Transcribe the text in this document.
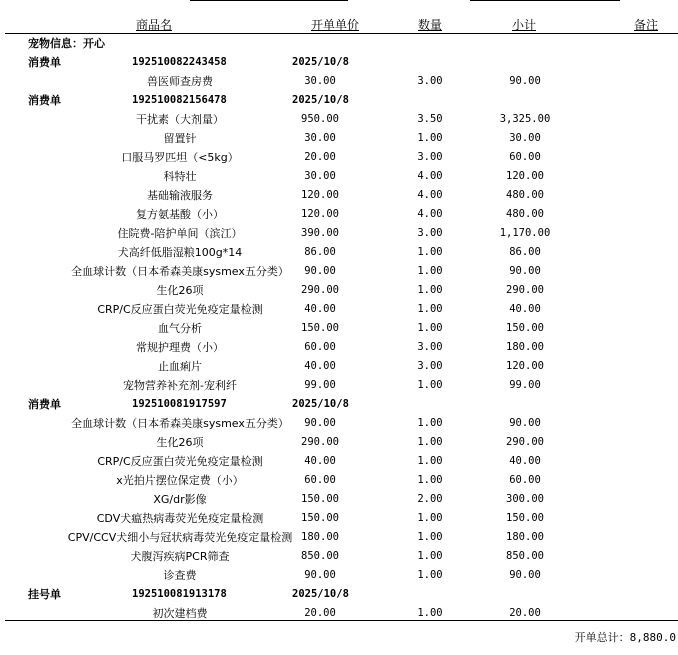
商品名	开单单价	数量	小计	备注
宠物信息：开心
消费单	192510082243458	2025/10/8
兽医师查房费	30.00	3.00	90.00
消费单	192510082156478	2025/10/8
干扰素（大剂量）	950.00	3.50	3,325.00
留置针	30.00	1.00	30.00
口服马罗匹坦（<5kg）	20.00	3.00	60.00
科特壮	30.00	4.00	120.00
基础输液服务	120.00	4.00	480.00
复方氨基酸（小）	120.00	4.00	480.00
住院费-陪护单间（滨江）	390.00	3.00	1,170.00
犬高纤低脂湿粮100g*14	86.00	1.00	86.00
全血球计数（日本希森美康sysmex五分类）	90.00	1.00	90.00
生化26项	290.00	1.00	290.00
CRP/C反应蛋白荧光免疫定量检测	40.00	1.00	40.00
血气分析	150.00	1.00	150.00
常规护理费（小）	60.00	3.00	180.00
止血痢片	40.00	3.00	120.00
宠物营养补充剂-宠利纤	99.00	1.00	99.00
消费单	192510081917597	2025/10/8
全血球计数（日本希森美康sysmex五分类）	90.00	1.00	90.00
生化26项	290.00	1.00	290.00
CRP/C反应蛋白荧光免疫定量检测	40.00	1.00	40.00
x光拍片摆位保定费（小）	60.00	1.00	60.00
XG/dr影像	150.00	2.00	300.00
CDV犬瘟热病毒荧光免疫定量检测	150.00	1.00	150.00
CPV/CCV犬细小与冠状病毒荧光免疫定量检测 180.00	1.00	180.00
犬腹泻疾病PCR筛查	850.00	1.00	850.00
诊查费	90.00	1.00	90.00
挂号单	192510081913178	2025/10/8
初次建档费	20.00	1.00	20.00
开单总计：8,880.0
